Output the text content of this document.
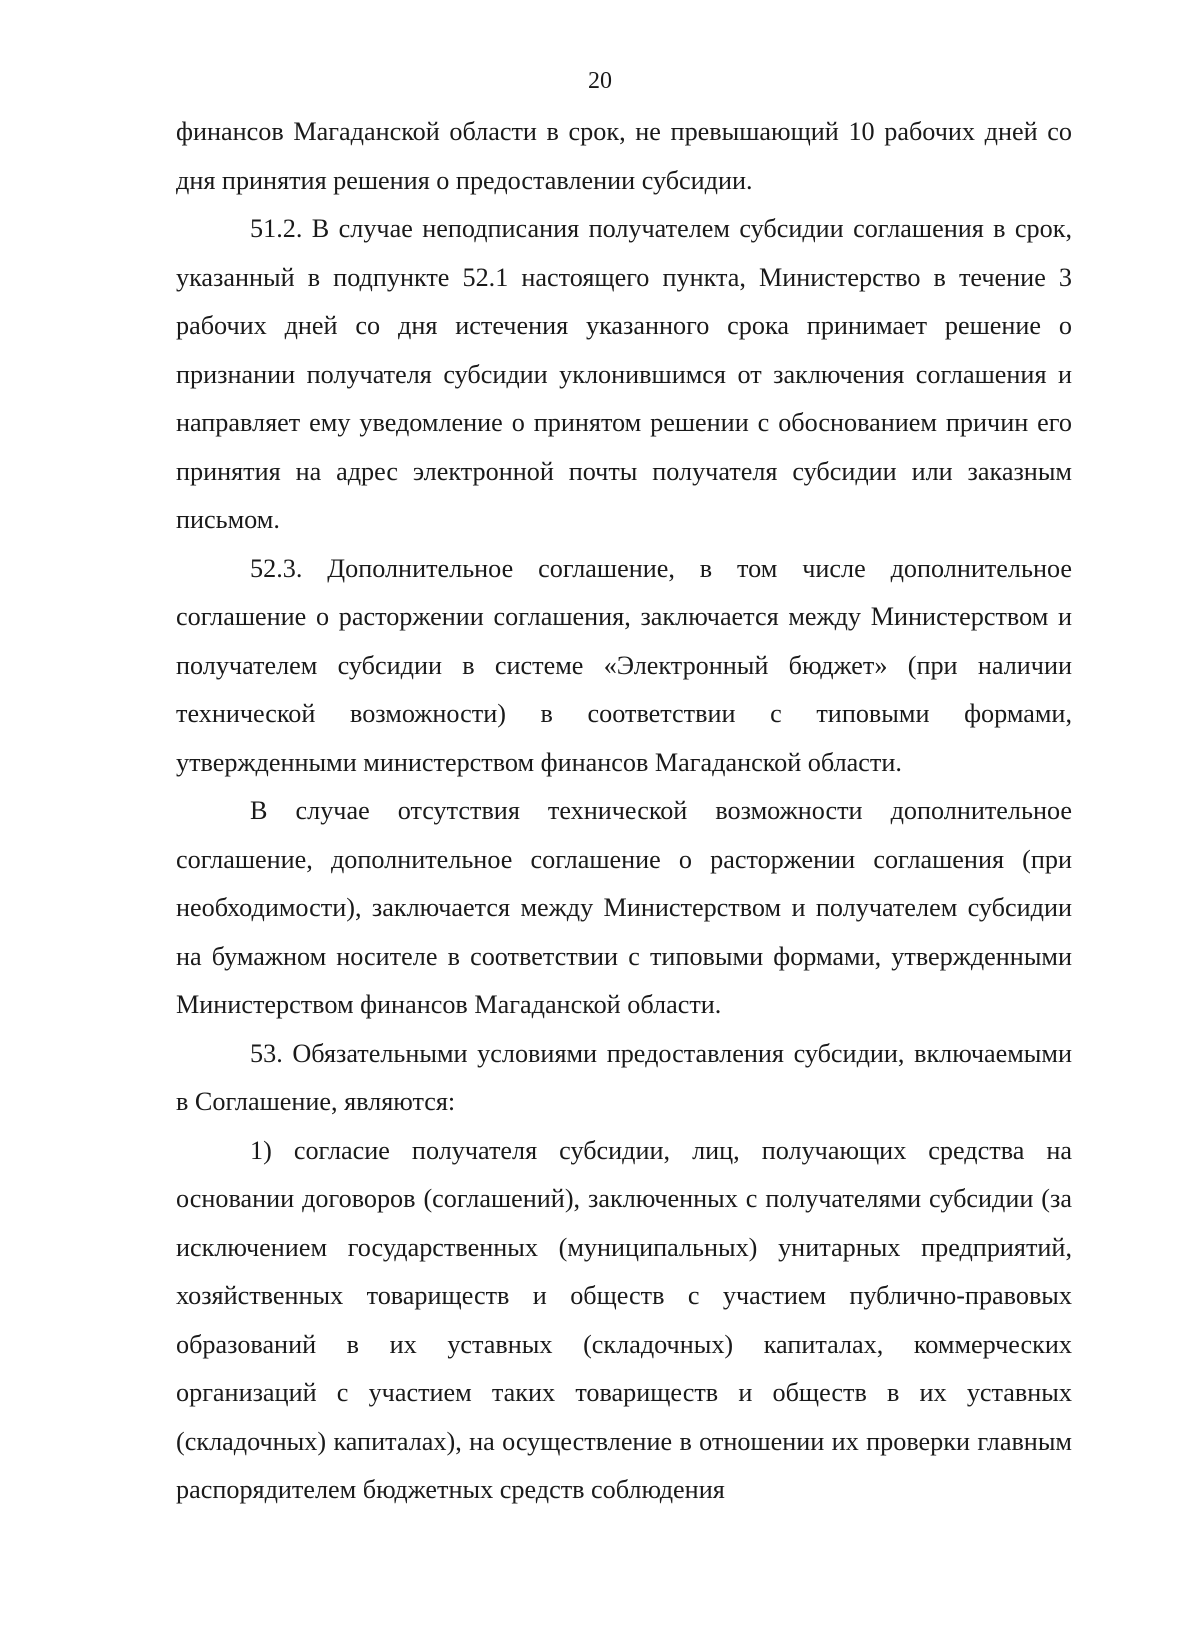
20

финансов Магаданской области в срок, не превышающий 10 рабочих дней со дня принятия решения о предоставлении субсидии.

51.2. В случае неподписания получателем субсидии соглашения в срок, указанный в подпункте 52.1 настоящего пункта, Министерство в течение 3 рабочих дней со дня истечения указанного срока принимает решение о признании получателя субсидии уклонившимся от заключения соглашения и направляет ему уведомление о принятом решении с обоснованием причин его принятия на адрес электронной почты получателя субсидии или заказным письмом.

52.3. Дополнительное соглашение, в том числе дополнительное соглашение о расторжении соглашения, заключается между Министерством и получателем субсидии в системе «Электронный бюджет» (при наличии технической возможности) в соответствии с типовыми формами, утвержденными министерством финансов Магаданской области.

В случае отсутствия технической возможности дополнительное соглашение, дополнительное соглашение о расторжении соглашения (при необходимости), заключается между Министерством и получателем субсидии на бумажном носителе в соответствии с типовыми формами, утвержденными Министерством финансов Магаданской области.

53. Обязательными условиями предоставления субсидии, включаемыми в Соглашение, являются:

1) согласие получателя субсидии, лиц, получающих средства на основании договоров (соглашений), заключенных с получателями субсидии (за исключением государственных (муниципальных) унитарных предприятий, хозяйственных товариществ и обществ с участием публично-правовых образований в их уставных (складочных) капиталах, коммерческих организаций с участием таких товариществ и обществ в их уставных (складочных) капиталах), на осуществление в отношении их проверки главным распорядителем бюджетных средств соблюдения
